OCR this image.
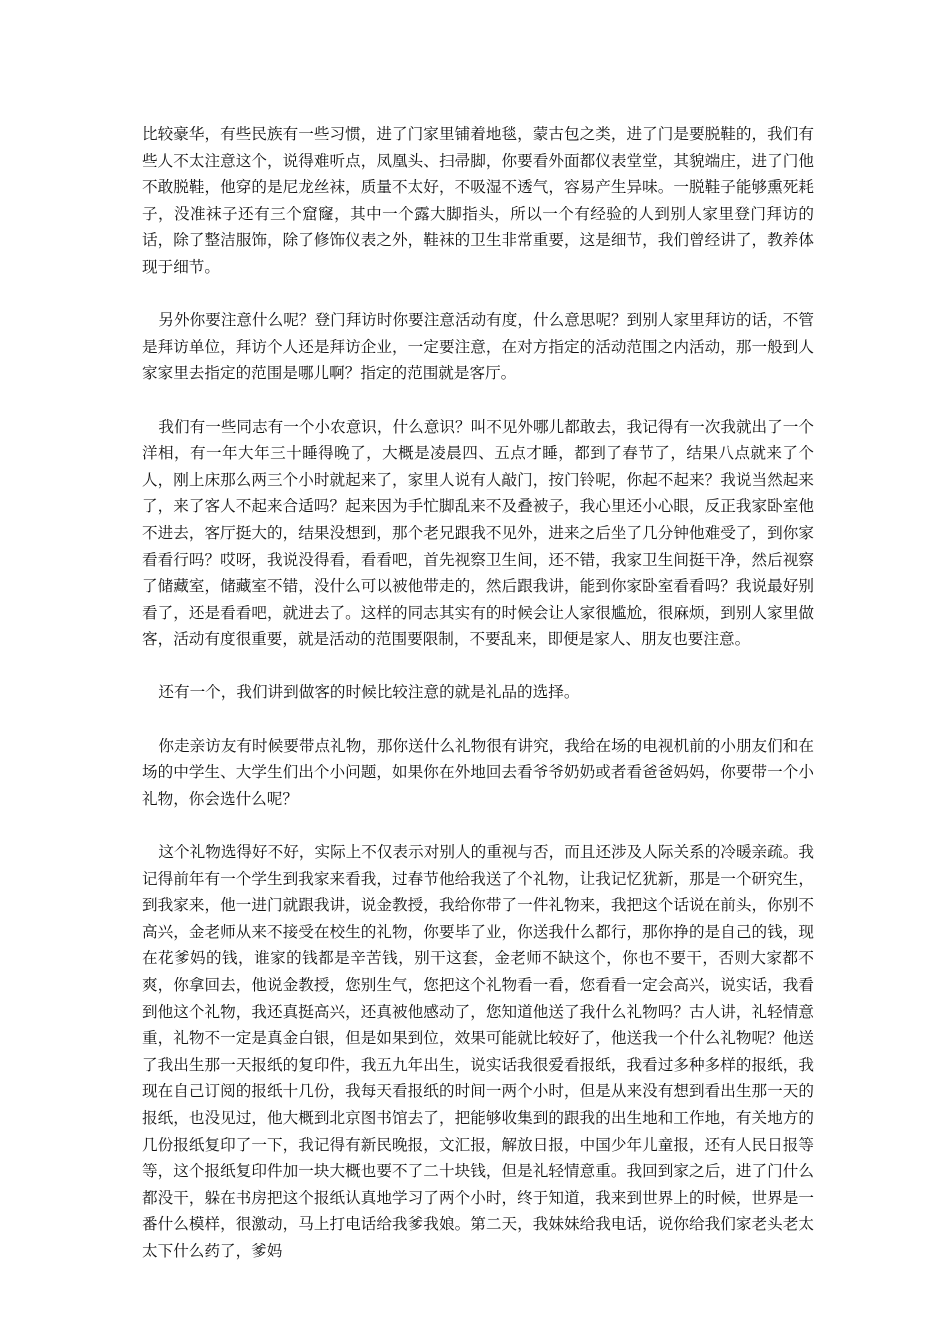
比较豪华，有些民族有一些习惯，进了门家里铺着地毯，蒙古包之类，进了门是要脱鞋的，我们有些人不太注意这个，说得难听点，凤凰头、扫帚脚，你要看外面都仪表堂堂，其貌端庄，进了门他不敢脱鞋，他穿的是尼龙丝袜，质量不太好，不吸湿不透气，容易产生异味。一脱鞋子能够熏死耗子，没准袜子还有三个窟窿，其中一个露大脚指头，所以一个有经验的人到别人家里登门拜访的话，除了整洁服饰，除了修饰仪表之外，鞋袜的卫生非常重要，这是细节，我们曾经讲了，教养体现于细节。

另外你要注意什么呢？登门拜访时你要注意活动有度，什么意思呢？到别人家里拜访的话，不管是拜访单位，拜访个人还是拜访企业，一定要注意，在对方指定的活动范围之内活动，那一般到人家家里去指定的范围是哪儿啊？指定的范围就是客厅。

我们有一些同志有一个小农意识，什么意识？叫不见外哪儿都敢去，我记得有一次我就出了一个洋相，有一年大年三十睡得晚了，大概是凌晨四、五点才睡，都到了春节了，结果八点就来了个人，刚上床那么两三个小时就起来了，家里人说有人敲门，按门铃呢，你起不起来？我说当然起来了，来了客人不起来合适吗？起来因为手忙脚乱来不及叠被子，我心里还小心眼，反正我家卧室他不进去，客厅挺大的，结果没想到，那个老兄跟我不见外，进来之后坐了几分钟他难受了，到你家看看行吗？哎呀，我说没得看，看看吧，首先视察卫生间，还不错，我家卫生间挺干净，然后视察了储藏室，储藏室不错，没什么可以被他带走的，然后跟我讲，能到你家卧室看看吗？我说最好别看了，还是看看吧，就进去了。这样的同志其实有的时候会让人家很尴尬，很麻烦，到别人家里做客，活动有度很重要，就是活动的范围要限制，不要乱来，即便是家人、朋友也要注意。

还有一个，我们讲到做客的时候比较注意的就是礼品的选择。

你走亲访友有时候要带点礼物，那你送什么礼物很有讲究，我给在场的电视机前的小朋友们和在场的中学生、大学生们出个小问题，如果你在外地回去看爷爷奶奶或者看爸爸妈妈，你要带一个小礼物，你会选什么呢？

这个礼物选得好不好，实际上不仅表示对别人的重视与否，而且还涉及人际关系的冷暖亲疏。我记得前年有一个学生到我家来看我，过春节他给我送了个礼物，让我记忆犹新，那是一个研究生，到我家来，他一进门就跟我讲，说金教授，我给你带了一件礼物来，我把这个话说在前头，你别不高兴，金老师从来不接受在校生的礼物，你要毕了业，你送我什么都行，那你挣的是自己的钱，现在花爹妈的钱，谁家的钱都是辛苦钱，别干这套，金老师不缺这个，你也不要干，否则大家都不爽，你拿回去，他说金教授，您别生气，您把这个礼物看一看，您看看一定会高兴，说实话，我看到他这个礼物，我还真挺高兴，还真被他感动了，您知道他送了我什么礼物吗？古人讲，礼轻情意重，礼物不一定是真金白银，但是如果到位，效果可能就比较好了，他送我一个什么礼物呢？他送了我出生那一天报纸的复印件，我五九年出生，说实话我很爱看报纸，我看过多种多样的报纸，我现在自己订阅的报纸十几份，我每天看报纸的时间一两个小时，但是从来没有想到看出生那一天的报纸，也没见过，他大概到北京图书馆去了，把能够收集到的跟我的出生地和工作地，有关地方的几份报纸复印了一下，我记得有新民晚报，文汇报，解放日报，中国少年儿童报，还有人民日报等等，这个报纸复印件加一块大概也要不了二十块钱，但是礼轻情意重。我回到家之后，进了门什么都没干，躲在书房把这个报纸认真地学习了两个小时，终于知道，我来到世界上的时候，世界是一番什么模样，很激动，马上打电话给我爹我娘。第二天，我妹妹给我电话，说你给我们家老头老太太下什么药了，爹妈
